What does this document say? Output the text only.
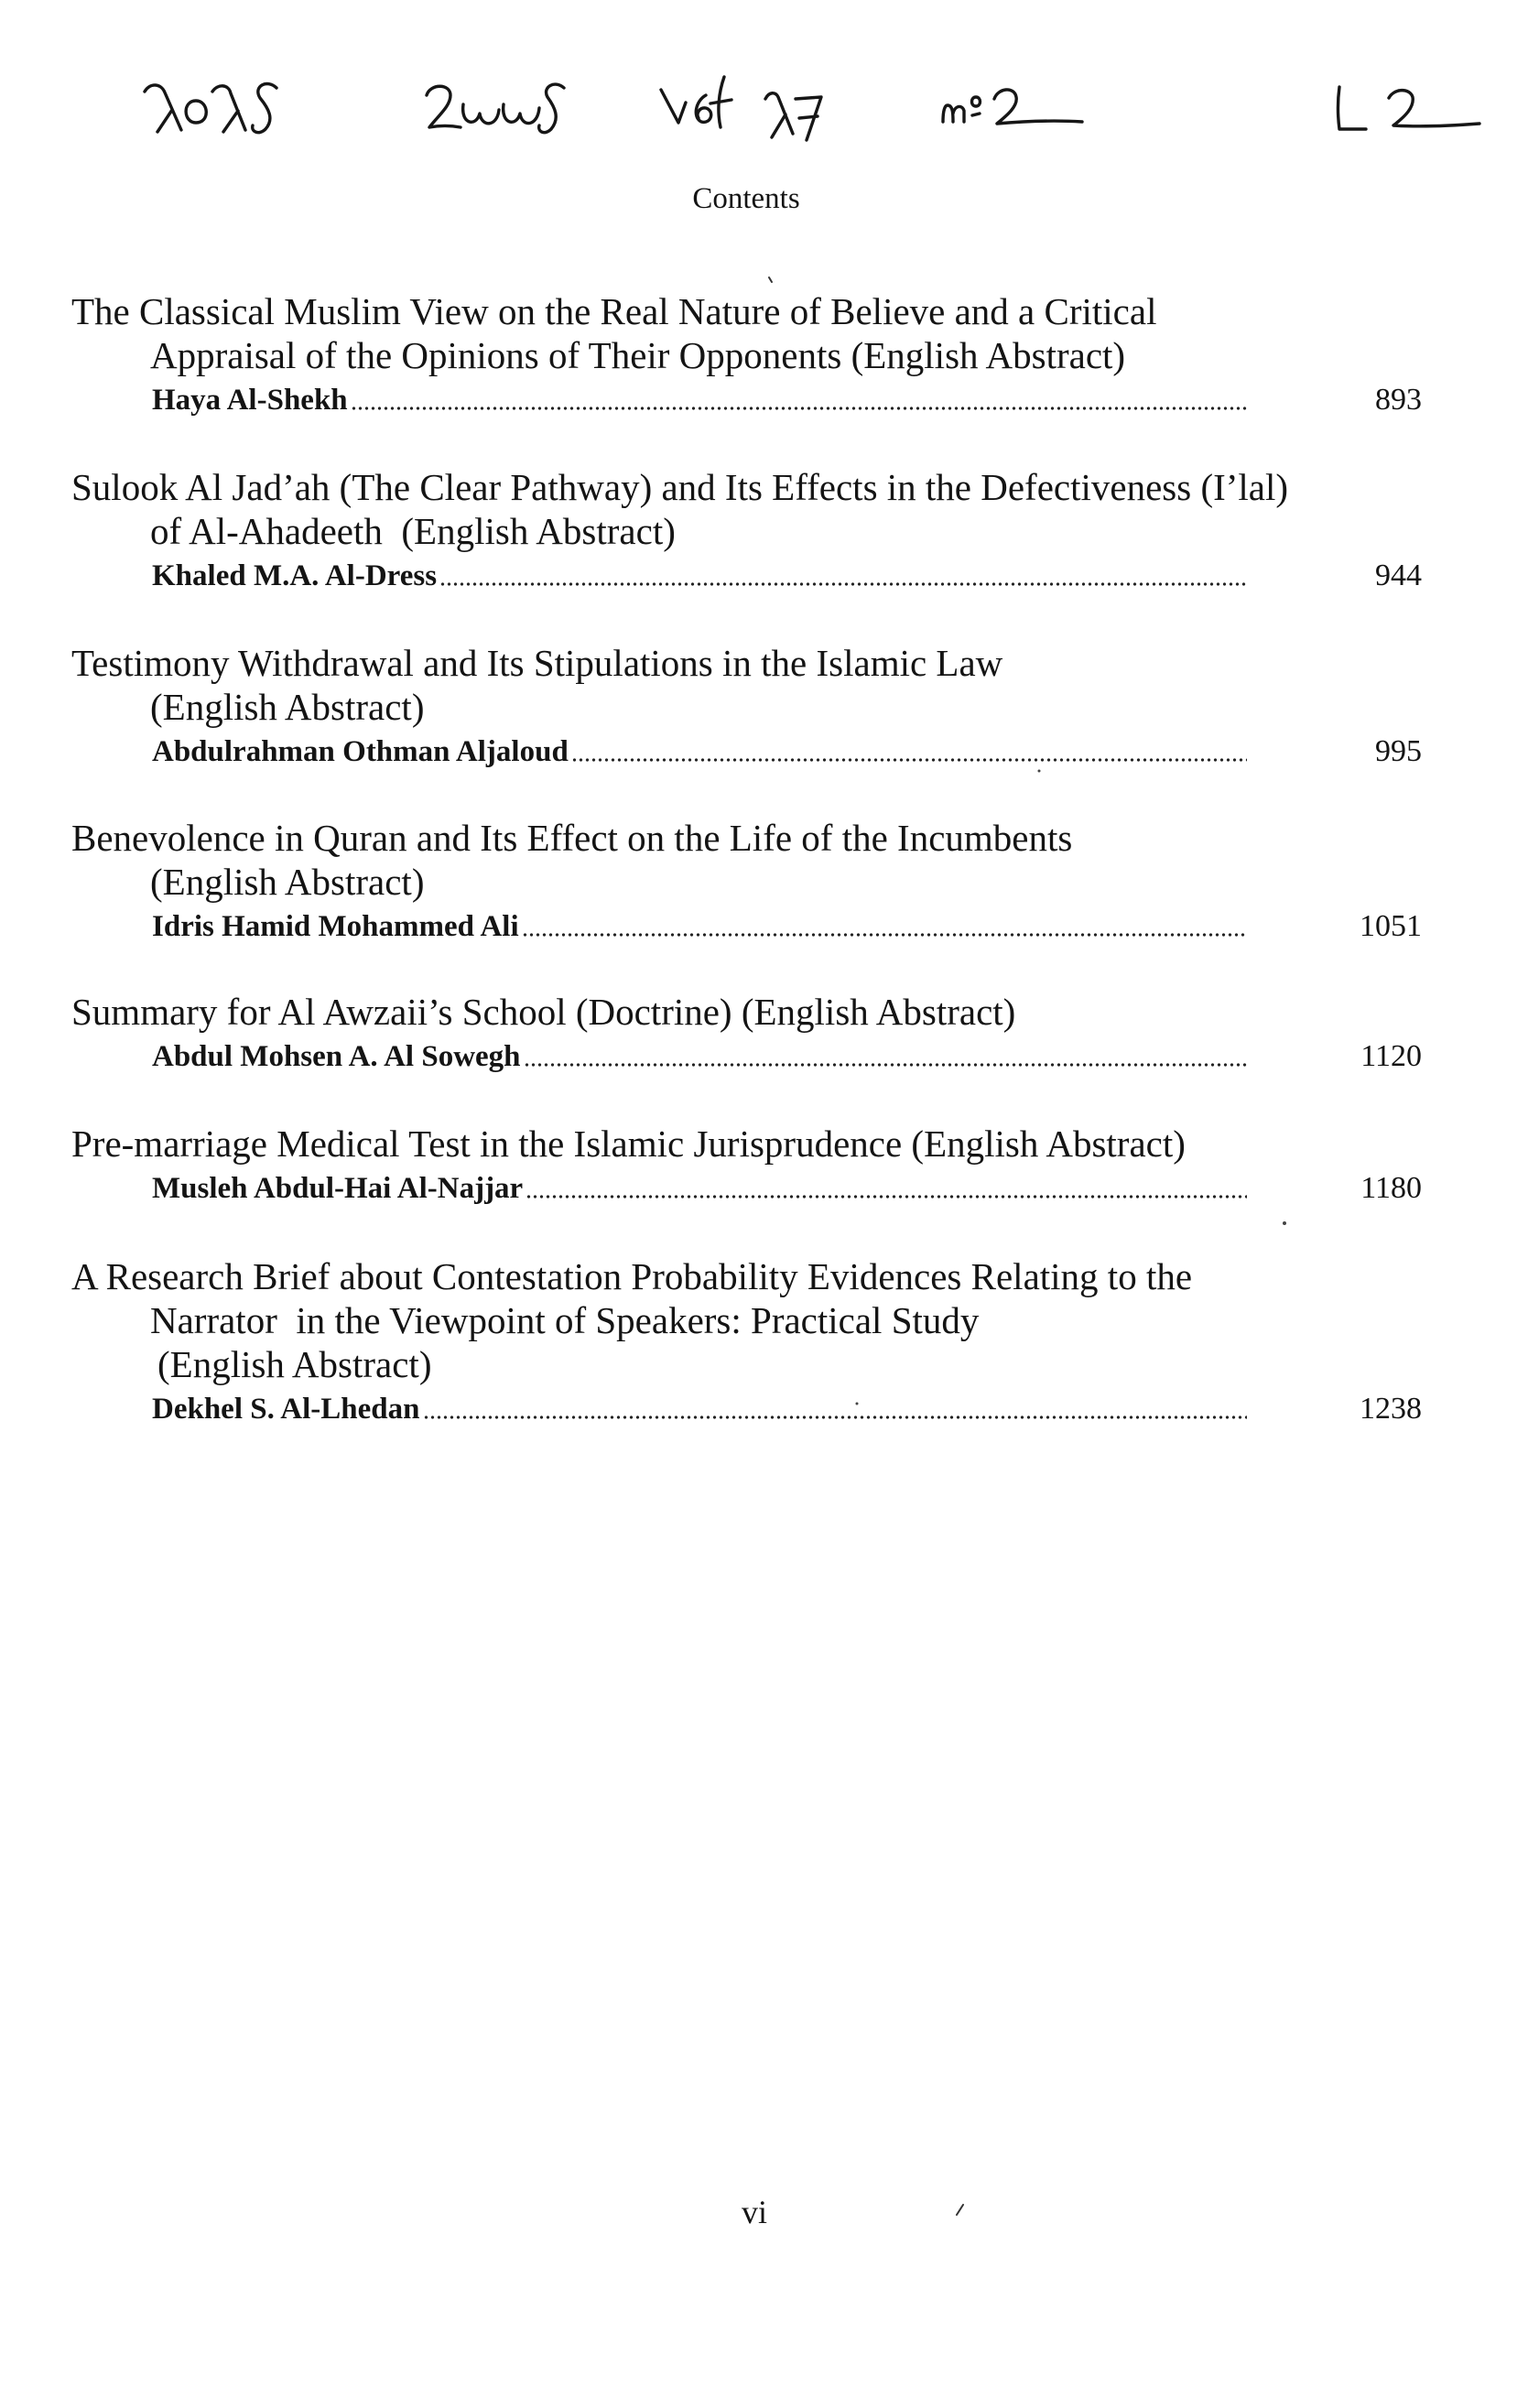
Contents
The Classical Muslim View on the Real Nature of Believe and a Critical
Appraisal of the Opinions of Their Opponents (English Abstract)
Haya Al-Shekh	893
Sulook Al Jad’ah (The Clear Pathway) and Its Effects in the Defectiveness (I’lal)
of Al-Ahadeeth  (English Abstract)
Khaled M.A. Al-Dress	944
Testimony Withdrawal and Its Stipulations in the Islamic Law
(English Abstract)
Abdulrahman Othman Aljaloud	995
Benevolence in Quran and Its Effect on the Life of the Incumbents
(English Abstract)
Idris Hamid Mohammed Ali	1051
Summary for Al Awzaii’s School (Doctrine) (English Abstract)
Abdul Mohsen A. Al Sowegh	1120
Pre-marriage Medical Test in the Islamic Jurisprudence (English Abstract)
Musleh Abdul-Hai Al-Najjar	1180
A Research Brief about Contestation Probability Evidences Relating to the
Narrator  in the Viewpoint of Speakers: Practical Study
(English Abstract)
Dekhel S. Al-Lhedan	1238
vi
